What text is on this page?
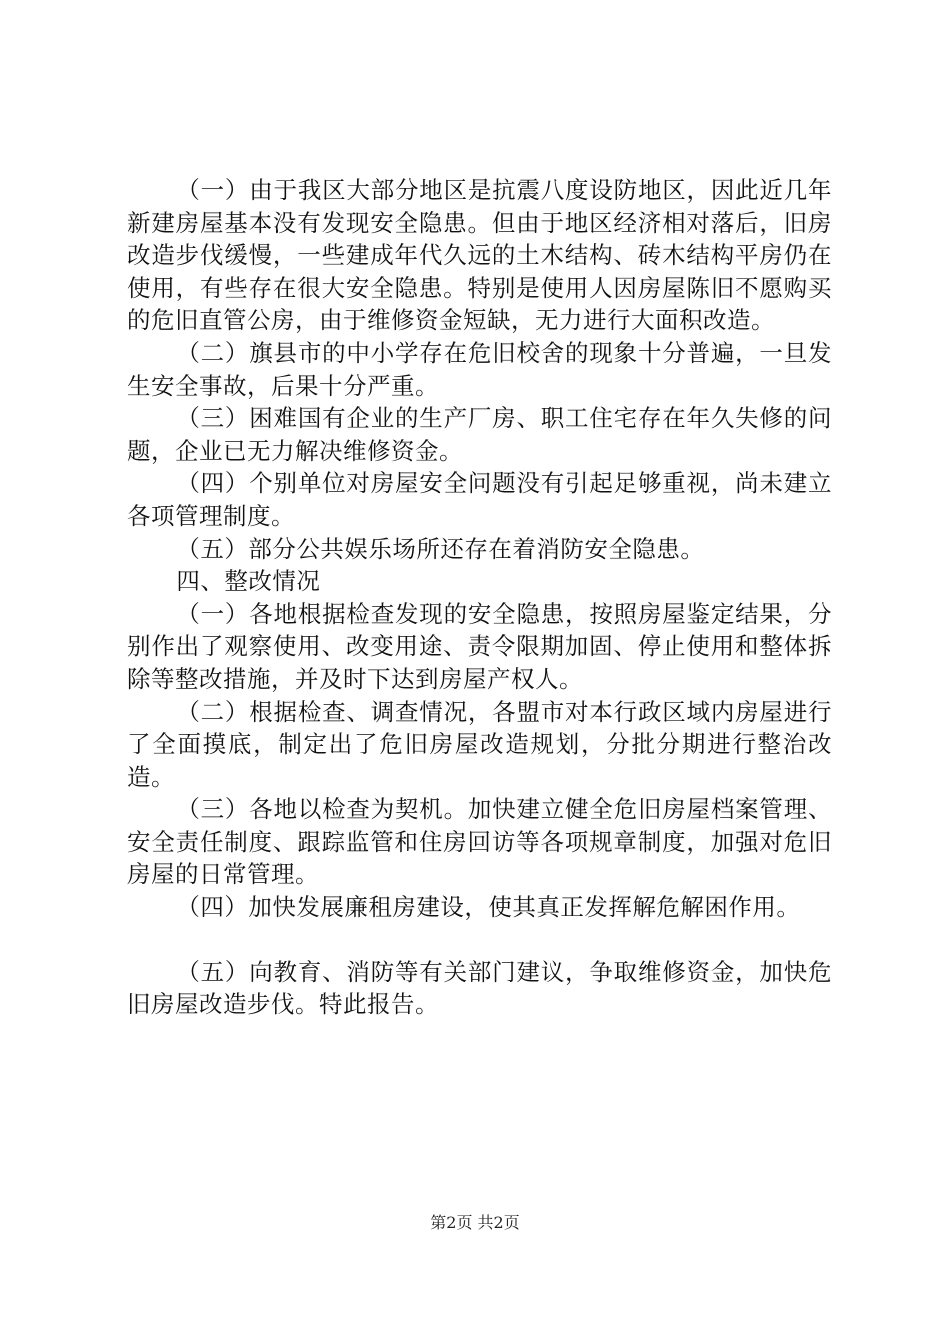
（一）由于我区大部分地区是抗震八度设防地区，因此近几年新建房屋基本没有发现安全隐患。但由于地区经济相对落后，旧房改造步伐缓慢，一些建成年代久远的土木结构、砖木结构平房仍在使用，有些存在很大安全隐患。特别是使用人因房屋陈旧不愿购买的危旧直管公房，由于维修资金短缺，无力进行大面积改造。

（二）旗县市的中小学存在危旧校舍的现象十分普遍，一旦发生安全事故，后果十分严重。

（三）困难国有企业的生产厂房、职工住宅存在年久失修的问题，企业已无力解决维修资金。

（四）个别单位对房屋安全问题没有引起足够重视，尚未建立各项管理制度。

（五）部分公共娱乐场所还存在着消防安全隐患。

四、整改情况

（一）各地根据检查发现的安全隐患，按照房屋鉴定结果，分别作出了观察使用、改变用途、责令限期加固、停止使用和整体拆除等整改措施，并及时下达到房屋产权人。

（二）根据检查、调查情况，各盟市对本行政区域内房屋进行了全面摸底，制定出了危旧房屋改造规划，分批分期进行整治改造。

（三）各地以检查为契机。加快建立健全危旧房屋档案管理、安全责任制度、跟踪监管和住房回访等各项规章制度，加强对危旧房屋的日常管理。

（四）加快发展廉租房建设，使其真正发挥解危解困作用。

（五）向教育、消防等有关部门建议，争取维修资金，加快危旧房屋改造步伐。特此报告。

第2页 共2页
